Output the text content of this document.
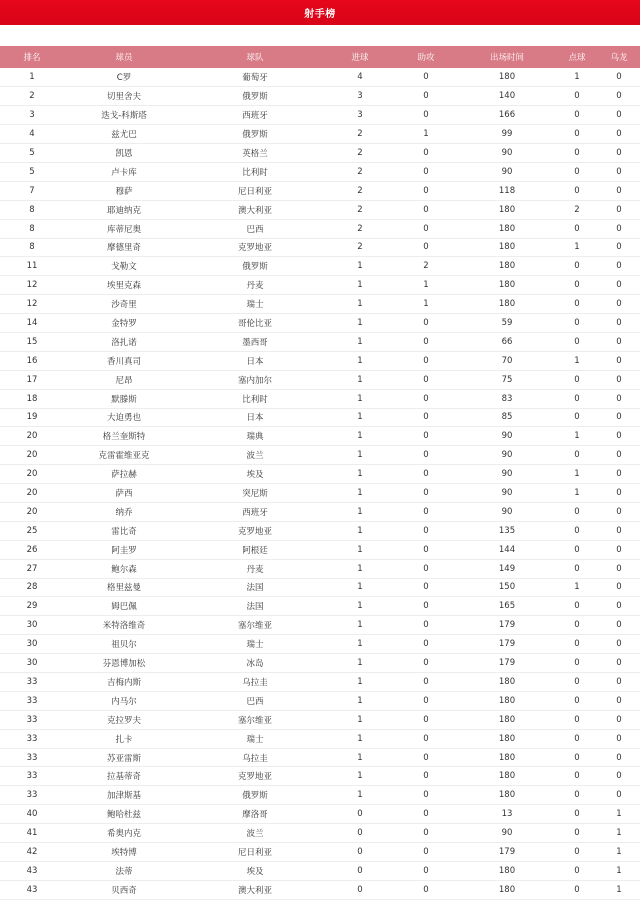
射手榜
排名	球员	球队	进球	助攻	出场时间	点球	乌龙
1	C罗	葡萄牙	4	0	180	1	0
2	切里舍夫	俄罗斯	3	0	140	0	0
3	迭戈-科斯塔	西班牙	3	0	166	0	0
4	兹尤巴	俄罗斯	2	1	99	0	0
5	凯恩	英格兰	2	0	90	0	0
5	卢卡库	比利时	2	0	90	0	0
7	穆萨	尼日利亚	2	0	118	0	0
8	耶迪纳克	澳大利亚	2	0	180	2	0
8	库蒂尼奥	巴西	2	0	180	0	0
8	摩德里奇	克罗地亚	2	0	180	1	0
11	戈勒文	俄罗斯	1	2	180	0	0
12	埃里克森	丹麦	1	1	180	0	0
12	沙奇里	瑞士	1	1	180	0	0
14	金特罗	哥伦比亚	1	0	59	0	0
15	洛扎诺	墨西哥	1	0	66	0	0
16	香川真司	日本	1	0	70	1	0
17	尼昂	塞内加尔	1	0	75	0	0
18	默滕斯	比利时	1	0	83	0	0
19	大迫勇也	日本	1	0	85	0	0
20	格兰奎斯特	瑞典	1	0	90	1	0
20	克雷霍维亚克	波兰	1	0	90	0	0
20	萨拉赫	埃及	1	0	90	1	0
20	萨西	突尼斯	1	0	90	1	0
20	纳乔	西班牙	1	0	90	0	0
25	雷比奇	克罗地亚	1	0	135	0	0
26	阿圭罗	阿根廷	1	0	144	0	0
27	鲍尔森	丹麦	1	0	149	0	0
28	格里兹曼	法国	1	0	150	1	0
29	姆巴佩	法国	1	0	165	0	0
30	米特洛维奇	塞尔维亚	1	0	179	0	0
30	祖贝尔	瑞士	1	0	179	0	0
30	芬恩博加松	冰岛	1	0	179	0	0
33	吉梅内斯	乌拉圭	1	0	180	0	0
33	内马尔	巴西	1	0	180	0	0
33	克拉罗夫	塞尔维亚	1	0	180	0	0
33	扎卡	瑞士	1	0	180	0	0
33	苏亚雷斯	乌拉圭	1	0	180	0	0
33	拉基蒂奇	克罗地亚	1	0	180	0	0
33	加津斯基	俄罗斯	1	0	180	0	0
40	鲍哈杜兹	摩洛哥	0	0	13	0	1
41	希奥内克	波兰	0	0	90	0	1
42	埃特博	尼日利亚	0	0	179	0	1
43	法蒂	埃及	0	0	180	0	1
43	贝西奇	澳大利亚	0	0	180	0	1
